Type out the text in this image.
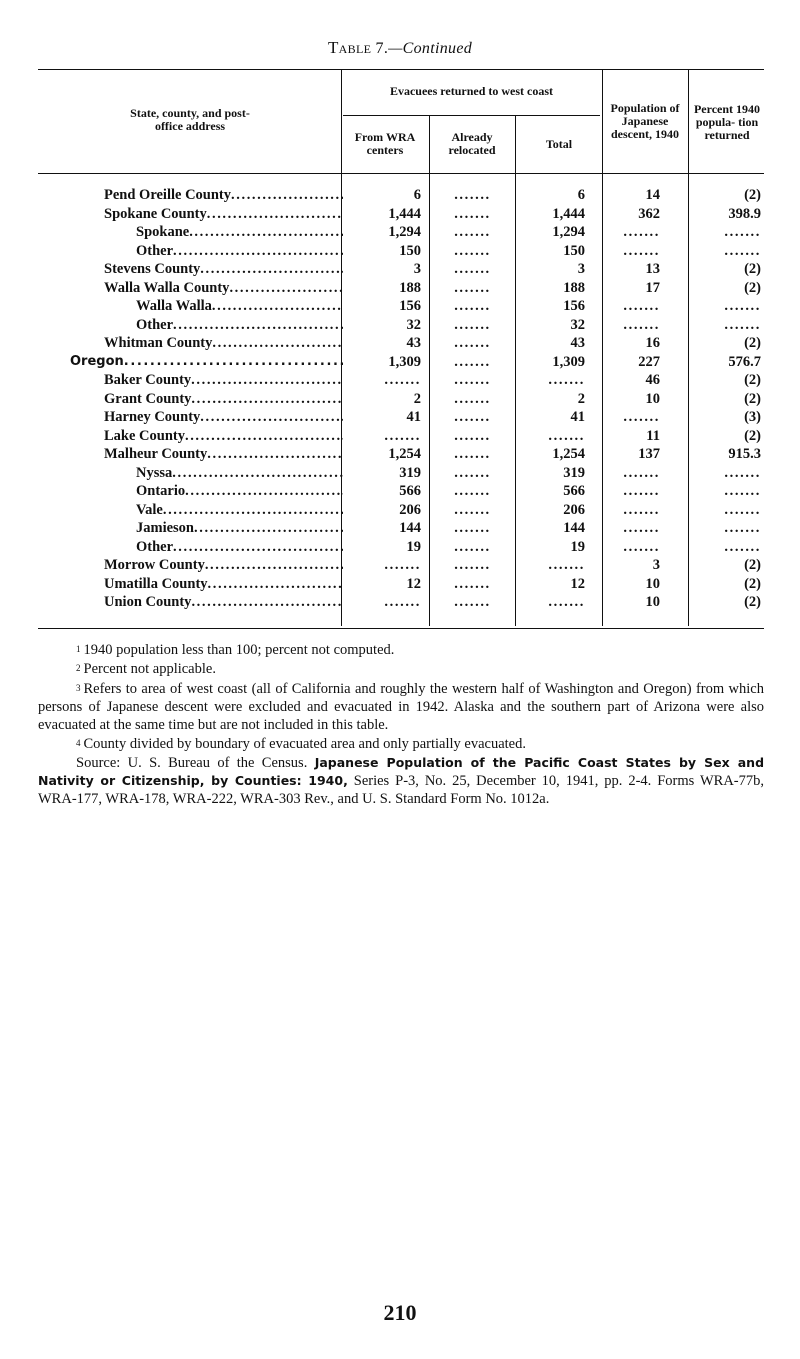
Table 7.—Continued
State, county, and post-office address
Evacuees returned to west coast
From WRA centers
Already relocated	Total
Population of Japanese descent, 1940
Percent 1940 popula- tion returned
Pend Oreille County
.....	6	.......	6	14	(2)

Spokane County
.....	1,444	.......	1,444	362	398.9

Spokane
.....	1,294	.......	1,294	.......	.......

Other
.....	150	.......	150	.......	.......

Stevens County
.....	3	.......	3	13	(2)

Walla Walla County
.....	188	.......	188	17	(2)

Walla Walla
.....	156	.......	156	.......	.......

Other
.....	32	.......	32	.......	.......

Whitman County
.....	43	.......	43	16	(2)

Oregon
.....	1,309	.......	1,309	227	576.7

Baker County
.....	.......	.......	.......	46	(2)

Grant County
.....	2	.......	2	10	(2)

Harney County
.....	41	.......	41	.......	(3)

Lake County
.....	.......	.......	.......	11	(2)

Malheur County
.....	1,254	.......	1,254	137	915.3

Nyssa
.....	319	.......	319	.......	.......

Ontario
.....	566	.......	566	.......	.......

Vale
.....	206	.......	206	.......	.......

Jamieson
.....	144	.......	144	.......	.......

Other
.....	19	.......	19	.......	.......

Morrow County
.....	.......	.......	.......	3	(2)

Umatilla County
.....	12	.......	12	10	(2)

Union County
.....	.......	.......	.......	10	(2)

$^1$ 1940 population less than 100; percent not computed.

$^2$ Percent not applicable.

$^3$ Refers to area of west coast (all of California and roughly the western half of Washington and Oregon) from which persons of Japanese descent were excluded and evacuated in 1942. Alaska and the southern part of Arizona were also evacuated at the same time but are not included in this table.

$^4$ County divided by boundary of evacuated area and only partially evacuated.

Source: U. S. Bureau of the Census. Japanese Population of the Pacific Coast States by Sex and Nativity or Citizenship, by Counties: 1940, Series P-3, No. 25, December 10, 1941, pp. 2-4. Forms WRA-77b, WRA-177, WRA-178, WRA-222, WRA-303 Rev., and U. S. Standard Form No. 1012a.

210
